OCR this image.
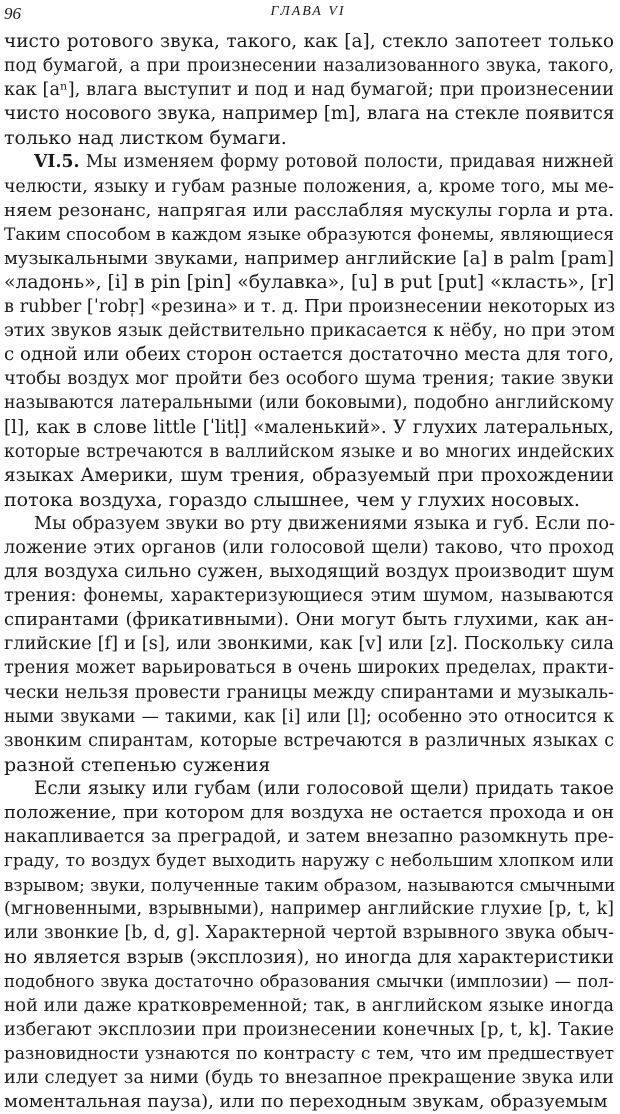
96	ГЛАВА VI
чисто ротового звука, такого, как [a], стекло запотеет только
под бумагой, а при произнесении назализованного звука, такого,
как [aⁿ], влага выступит и под и над бумагой; при произнесении
чисто носового звука, например [m], влага на стекле появится
только над листком бумаги.
VI.5. Мы изменяем форму ротовой полости, придавая нижней
челюсти, языку и губам разные положения, а, кроме того, мы ме-
няем резонанс, напрягая или расслабляя мускулы горла и рта.
Таким способом в каждом языке образуются фонемы, являющиеся
музыкальными звуками, например английские [a] в palm [pam]
«ладонь», [i] в pin [pin] «булавка», [u] в put [put] «класть», [r]
в rubber [ˈrobr̩] «резина» и т. д. При произнесении некоторых из
этих звуков язык действительно прикасается к нёбу, но при этом
с одной или обеих сторон остается достаточно места для того,
чтобы воздух мог пройти без особого шума трения; такие звуки
называются латеральными (или боковыми), подобно английскому
[l], как в слове little [ˈlitl̩] «маленький». У глухих латеральных,
которые встречаются в валлийском языке и во многих индейских
языках Америки, шум трения, образуемый при прохождении
потока воздуха, гораздо слышнее, чем у глухих носовых.
Мы образуем звуки во рту движениями языка и губ. Если по-
ложение этих органов (или голосовой щели) таково, что проход
для воздуха сильно сужен, выходящий воздух производит шум
трения: фонемы, характеризующиеся этим шумом, называются
спирантами (фрикативными). Они могут быть глухими, как ан-
глийские [f] и [s], или звонкими, как [v] или [z]. Поскольку сила
трения может варьироваться в очень широких пределах, практи-
чески нельзя провести границы между спирантами и музыкаль-
ными звуками — такими, как [i] или [l]; особенно это относится к
звонким спирантам, которые встречаются в различных языках с
разной степенью сужения
Если языку или губам (или голосовой щели) придать такое
положение, при котором для воздуха не остается прохода и он
накапливается за преградой, и затем внезапно разомкнуть пре-
граду, то воздух будет выходить наружу с небольшим хлопком или
взрывом; звуки, полученные таким образом, называются смычными
(мгновенными, взрывными), например английские глухие [p, t, k]
или звонкие [b, d, g]. Характерной чертой взрывного звука обыч-
но является взрыв (эксплозия), но иногда для характеристики
подобного звука достаточно образования смычки (имплозии) — пол-
ной или даже кратковременной; так, в английском языке иногда
избегают эксплозии при произнесении конечных [p, t, k]. Такие
разновидности узнаются по контрасту с тем, что им предшествует
или следует за ними (будь то внезапное прекращение звука или
моментальная пауза), или по переходным звукам, образуемым
